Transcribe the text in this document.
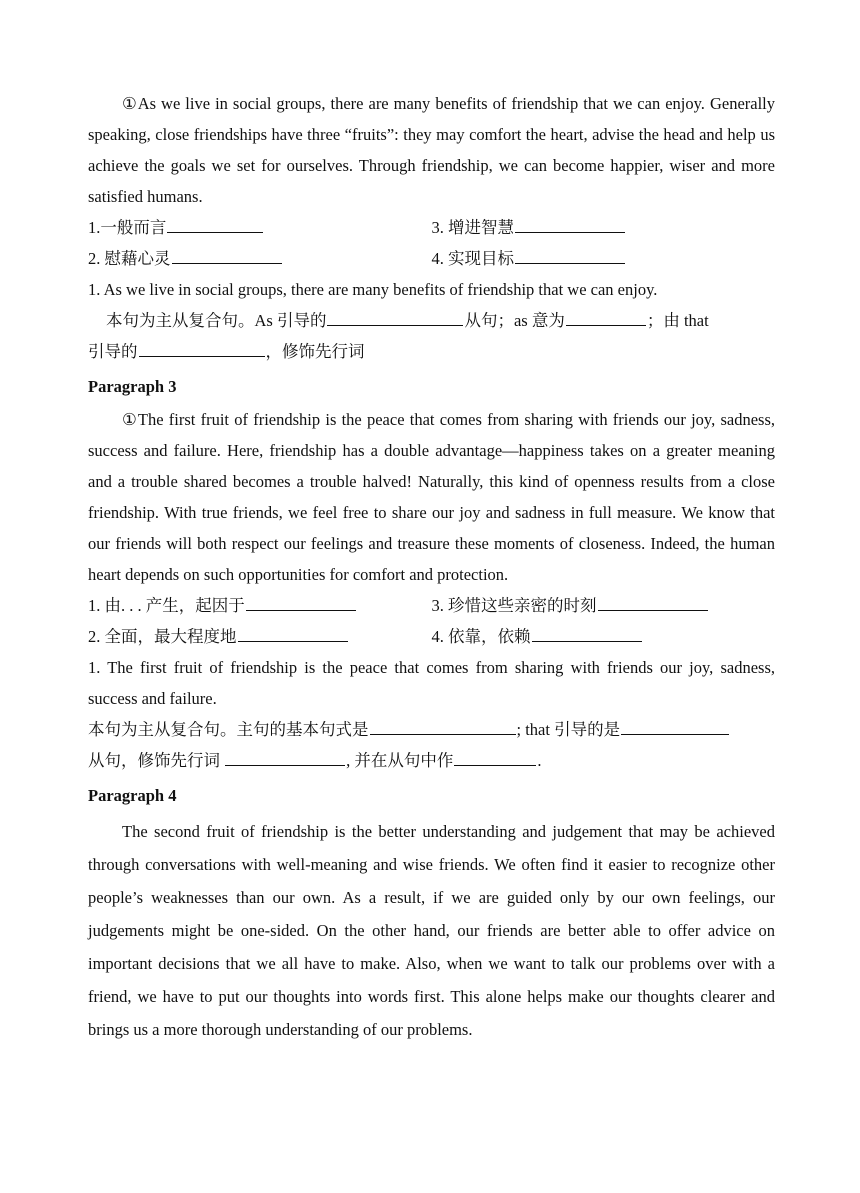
①As we live in social groups, there are many benefits of friendship that we can enjoy. Generally speaking, close friendships have three “fruits”: they may comfort the heart, advise the head and help us achieve the goals we set for ourselves. Through friendship, we can become happier, wiser and more satisfied humans.

1.一般而言	3. 增进智慧
2. 慰藉心灵	4. 实现目标
1. As we live in social groups, there are many benefits of friendship that we can enjoy.
本句为主从复合句。As 引导的	从句；as 意为	；由 that
引导的	，修饰先行词
Paragraph 3

①The first fruit of friendship is the peace that comes from sharing with friends our joy, sadness, success and failure. Here, friendship has a double advantage—happiness takes on a greater meaning and a trouble shared becomes a trouble halved! Naturally, this kind of openness results from a close friendship. With true friends, we feel free to share our joy and sadness in full measure. We know that our friends will both respect our feelings and treasure these moments of closeness. Indeed, the human heart depends on such opportunities for comfort and protection.

1. 由. . . 产生，起因于	3. 珍惜这些亲密的时刻
2. 全面，最大程度地	4. 依靠，依赖

1. The first fruit of friendship is the peace that comes from sharing with friends our joy, sadness, success and failure.

本句为主从复合句。主句的基本句式是	; that 引导的是
从句，修饰先行词	, 并在从句中作	.
Paragraph 4

The second fruit of friendship is the better understanding and judgement that may be achieved through conversations with well-meaning and wise friends. We often find it easier to recognize other people’s weaknesses than our own. As a result, if we are guided only by our own feelings, our judgements might be one-sided. On the other hand, our friends are better able to offer advice on important decisions that we all have to make. Also, when we want to talk our problems over with a friend, we have to put our thoughts into words first. This alone helps make our thoughts clearer and brings us a more thorough understanding of our problems.
